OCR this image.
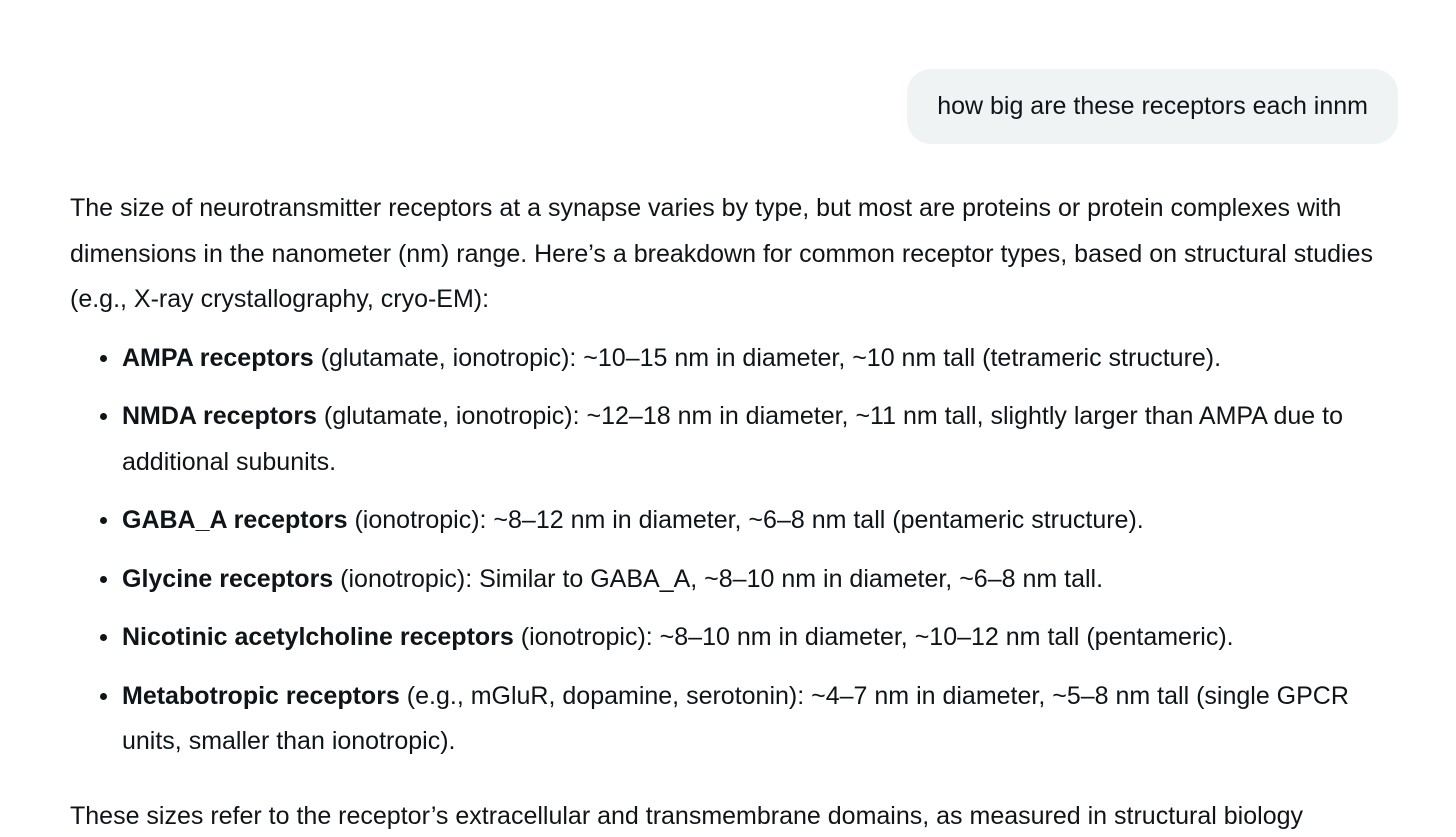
how big are these receptors each innm

The size of neurotransmitter receptors at a synapse varies by type, but most are proteins or protein complexes with dimensions in the nanometer (nm) range. Here’s a breakdown for common receptor types, based on structural studies (e.g., X-ray crystallography, cryo-EM):

AMPA receptors (glutamate, ionotropic): ~10–15 nm in diameter, ~10 nm tall (tetrameric structure).
NMDA receptors (glutamate, ionotropic): ~12–18 nm in diameter, ~11 nm tall, slightly larger than AMPA due to additional subunits.
GABA_A receptors (ionotropic): ~8–12 nm in diameter, ~6–8 nm tall (pentameric structure).
Glycine receptors (ionotropic): Similar to GABA_A, ~8–10 nm in diameter, ~6–8 nm tall.
Nicotinic acetylcholine receptors (ionotropic): ~8–10 nm in diameter, ~10–12 nm tall (pentameric).
Metabotropic receptors (e.g., mGluR, dopamine, serotonin): ~4–7 nm in diameter, ~5–8 nm tall (single GPCR units, smaller than ionotropic).

These sizes refer to the receptor’s extracellular and transmembrane domains, as measured in structural biology
